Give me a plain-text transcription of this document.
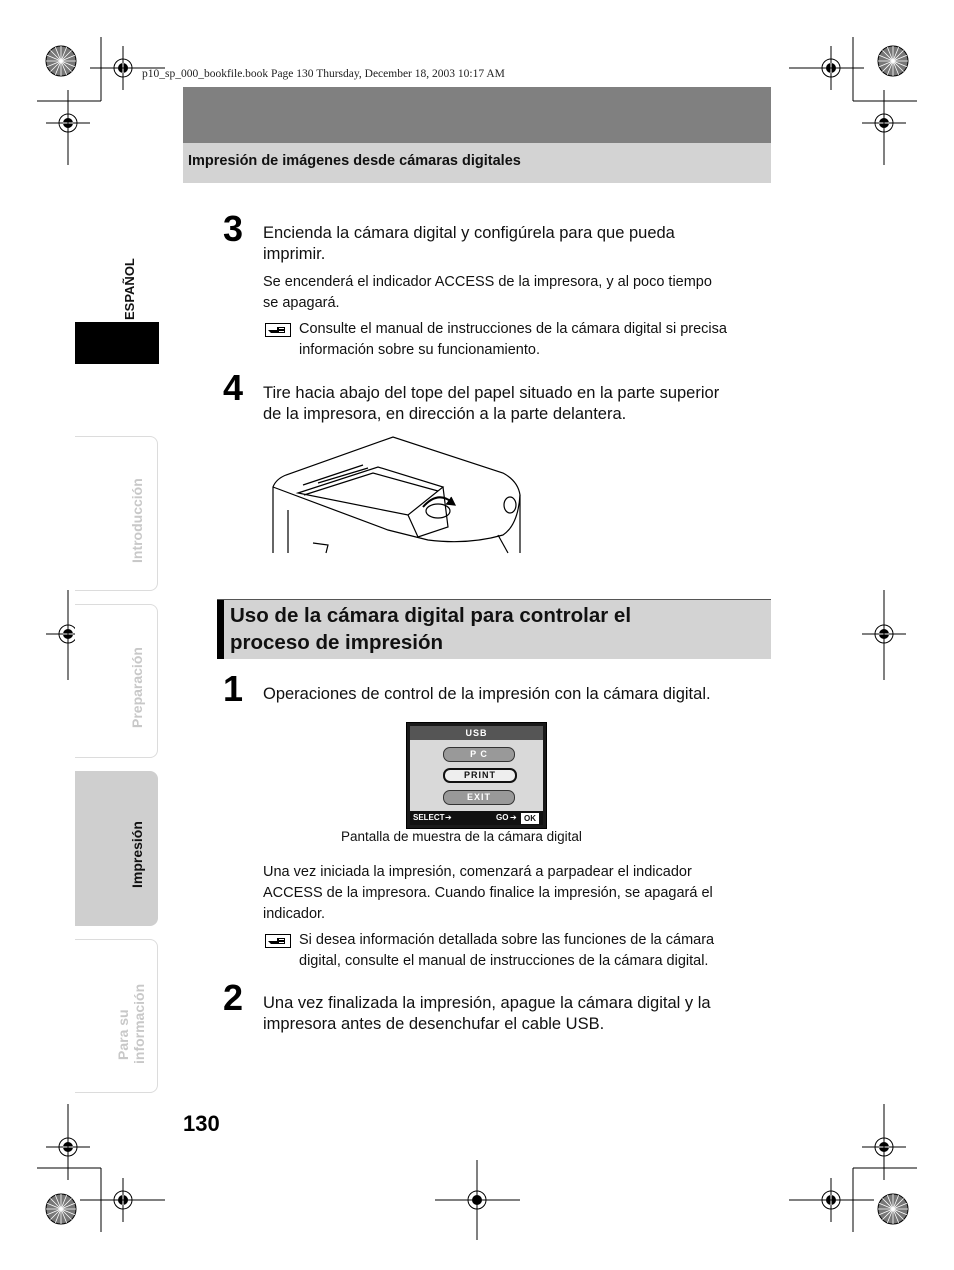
p10_sp_000_bookfile.book Page 130 Thursday, December 18, 2003 10:17 AM
Impresión de imágenes desde cámaras digitales
ESPAÑOL
Introducción
Preparación
Impresión
Para su información
3 Encienda la cámara digital y configúrela para que pueda
imprimir.
Se encenderá el indicador ACCESS de la impresora, y al poco tiempo
se apagará.
Consulte el manual de instrucciones de la cámara digital si precisa
información sobre su funcionamiento.
4 Tire hacia abajo del tope del papel situado en la parte superior
de la impresora, en dirección a la parte delantera.
Uso de la cámara digital para controlar el
proceso de impresión
1 Operaciones de control de la impresión con la cámara digital.
USB
P C
PRINT
EXIT
SELECT ➔	GO ➔ OK
Pantalla de muestra de la cámara digital
Una vez iniciada la impresión, comenzará a parpadear el indicador
ACCESS de la impresora. Cuando finalice la impresión, se apagará el
indicador.
Si desea información detallada sobre las funciones de la cámara
digital, consulte el manual de instrucciones de la cámara digital.
2 Una vez finalizada la impresión, apague la cámara digital y la
impresora antes de desenchufar el cable USB.
130
